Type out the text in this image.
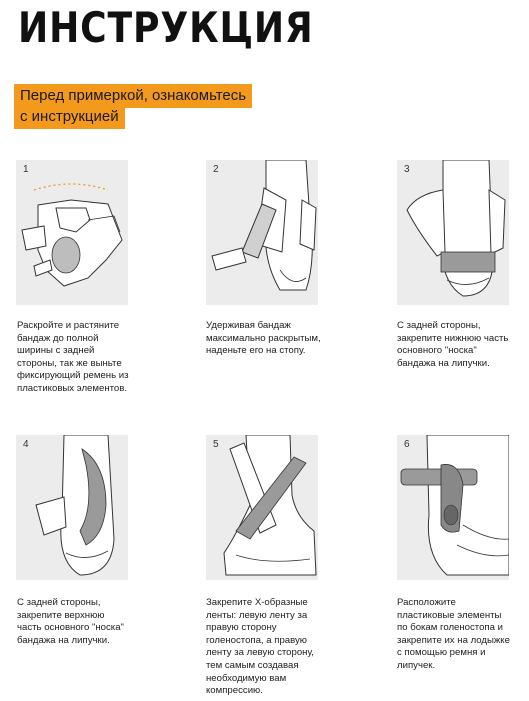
ИНСТРУКЦИЯ
Перед примеркой, ознакомьтесь
с инструкцией
1
Раскройте и растяните
бандаж до полной
ширины с задней
стороны, так же выньте
фиксирующий ремень из
пластиковых элементов.
2
Удерживая бандаж
максимально раскрытым,
наденьте его на стопу.
3
С задней стороны,
закрепите нижнюю часть
основного "носка"
бандажа на липучки.
4
С задней стороны,
закрепите верхнюю
часть основного "носка"
бандажа на липучки.
5
Закрепите X-образные
ленты: левую ленту за
правую сторону
голеностопа, а правую
ленту за левую сторону,
тем самым создавая
необходимую вам
компрессию.
6
Расположите
пластиковые элементы
по бокам голеностопа и
закрепите их на лодыжке
с помощью ремня и
липучек.
